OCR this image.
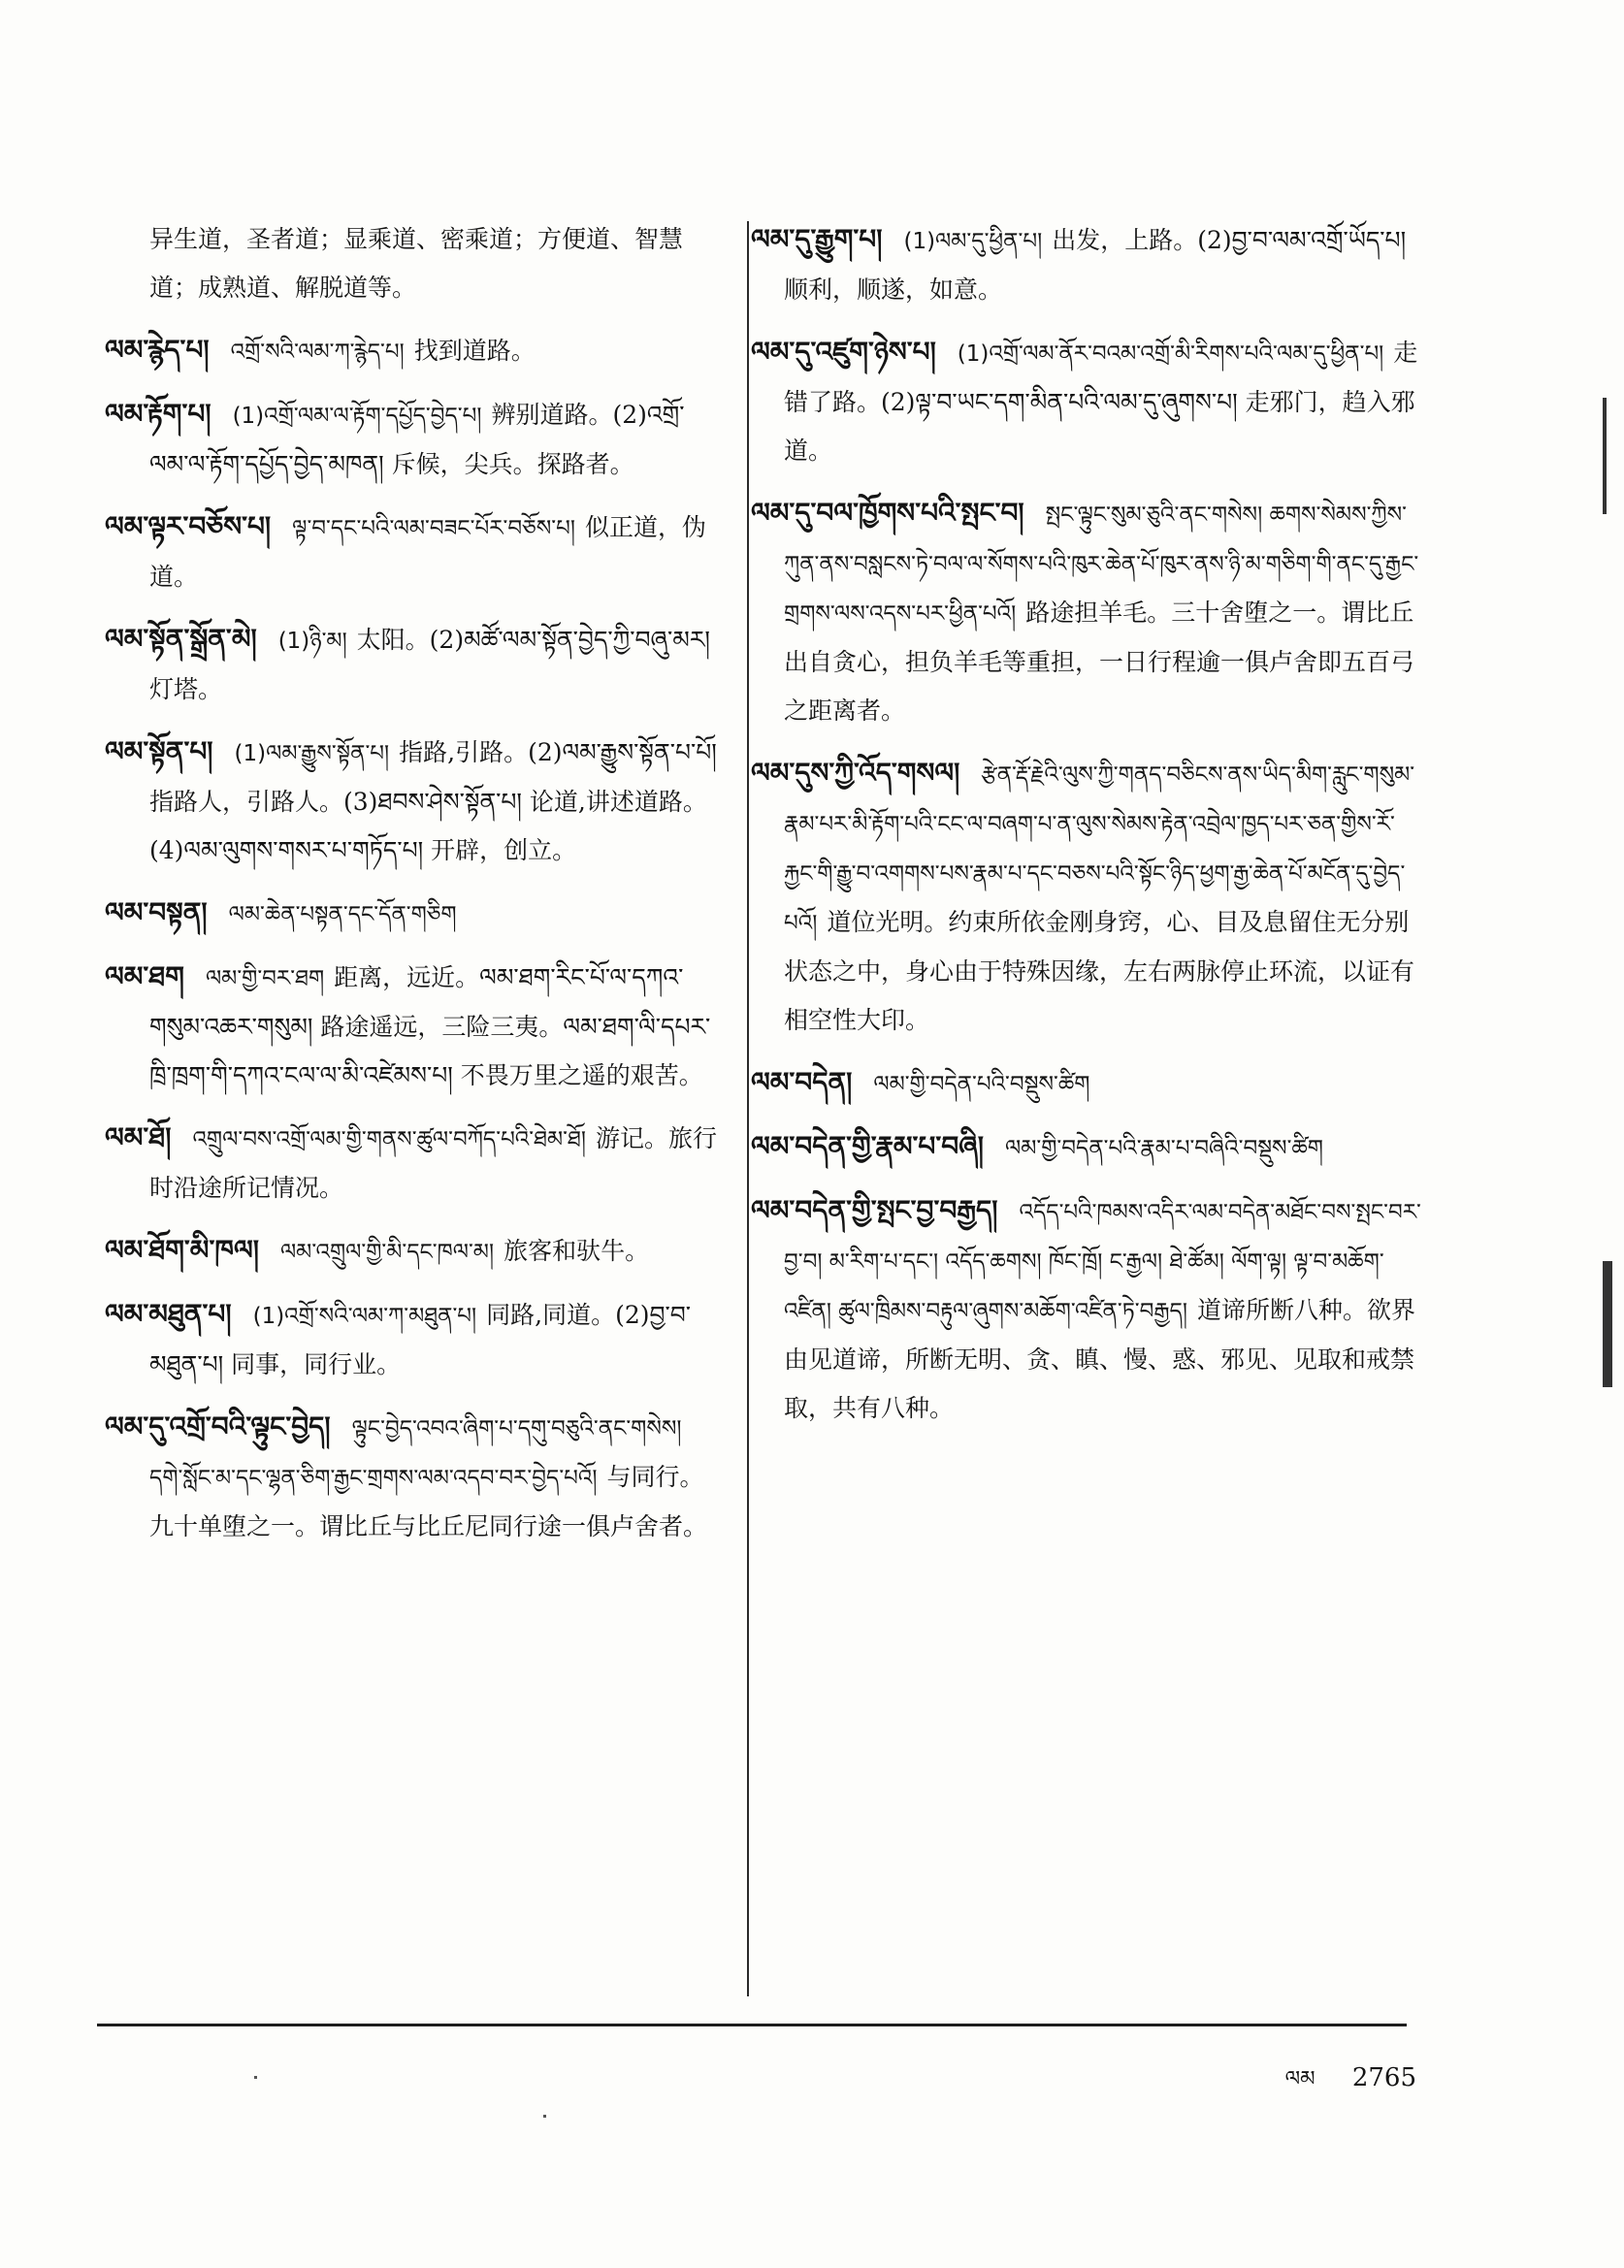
异生道，圣者道；显乘道、密乘道；方便道、智慧道；成熟道、解脱道等。

ལམ་རྙེད་པ། འགྲོ་སའི་ལམ་ཀ་རྙེད་པ། 找到道路。

ལམ་རྟོག་པ། (1)འགྲོ་ལམ་ལ་རྟོག་དཔྱོད་བྱེད་པ། 辨别道路。(2)འགྲོ་ལམ་ལ་རྟོག་དཔྱོད་བྱེད་མཁན། 斥候，尖兵。探路者。

ལམ་ལྟར་བཅོས་པ། ལྟ་བ་དང་པའི་ལམ་བཟང་པོར་བཅོས་པ། 似正道，伪道。

ལམ་སྟོན་སྒྲོན་མེ། (1)ཉི་མ། 太阳。(2)མཚོ་ལམ་སྟོན་བྱེད་ཀྱི་བཞུ་མར། 灯塔。

ལམ་སྟོན་པ། (1)ལམ་རྒྱུས་སྟོན་པ། 指路,引路。(2)ལམ་རྒྱུས་སྟོན་པ་པོ། 指路人，引路人。(3)ཐབས་ཤེས་སྟོན་པ། 论道,讲述道路。(4)ལམ་ལུགས་གསར་པ་གཏོད་པ། 开辟，创立。

ལམ་བསྟན། ལམ་ཆེན་པསྟན་དང་དོན་གཅིག

ལམ་ཐག ལམ་གྱི་བར་ཐག 距离，远近。ལམ་ཐག་རིང་པོ་ལ་དཀའ་གསུམ་འཆར་གསུམ། 路途遥远，三险三夷。ལམ་ཐག་ལི་དཔར་ཁྲི་ཁྲག་གི་དཀའ་ངལ་ལ་མི་འཛེམས་པ། 不畏万里之遥的艰苦。

ལམ་ཐོ། འགྲུལ་བས་འགྲོ་ལམ་གྱི་གནས་ཚུལ་བཀོད་པའི་ཐེམ་ཐོ། 游记。旅行时沿途所记情况。

ལམ་ཐོག་མི་ཁལ། ལམ་འགྲུལ་གྱི་མི་དང་ཁལ་མ། 旅客和驮牛。

ལམ་མཐུན་པ། (1)འགྲོ་སའི་ལམ་ཀ་མཐུན་པ། 同路,同道。(2)བྱ་བ་མཐུན་པ། 同事，同行业。

ལམ་དུ་འགྲོ་བའི་ལྟུང་བྱེད། ལྟུང་བྱེད་འབའ་ཞིག་པ་དགུ་བཅུའི་ནང་གསེས། དགེ་སློང་མ་དང་ལྷན་ཅིག་རྒྱང་གྲགས་ལམ་འདབ་བར་བྱེད་པའོ། 与同行。九十单堕之一。谓比丘与比丘尼同行途一俱卢舍者。

ལམ་དུ་རྒྱུག་པ། (1)ལམ་དུ་ཕྱིན་པ། 出发，上路。(2)བྱ་བ་ལམ་འགྲོ་ཡོད་པ། 顺利，顺遂，如意。

ལམ་དུ་འཛུག་ཉེས་པ། (1)འགྲོ་ལམ་ནོར་བའམ་འགྲོ་མི་རིགས་པའི་ལམ་དུ་ཕྱིན་པ། 走错了路。(2)ལྟ་བ་ཡང་དག་མིན་པའི་ལམ་དུ་ཞུགས་པ། 走邪门，趋入邪道。

ལམ་དུ་བལ་ཁྱོགས་པའི་སྤང་བ། སྤང་ལྟུང་སུམ་ཅུའི་ནང་གསེས། ཆགས་སེམས་ཀྱིས་ཀུན་ནས་བསླངས་ཏེ་བལ་ལ་སོགས་པའི་ཁུར་ཆེན་པོ་ཁུར་ནས་ཉི་མ་གཅིག་གི་ནང་དུ་རྒྱང་གྲགས་ལས་འདས་པར་ཕྱིན་པའོ། 路途担羊毛。三十舍堕之一。谓比丘出自贪心，担负羊毛等重担，一日行程逾一俱卢舍即五百弓之距离者。

ལམ་དུས་ཀྱི་འོད་གསལ། རྩེན་རྡོ་རྗེའི་ལུས་ཀྱི་གནད་བཅིངས་ནས་ཡིད་མིག་རླུང་གསུམ་རྣམ་པར་མི་རྟོག་པའི་ངང་ལ་བཞག་པ་ན་ལུས་སེམས་རྟེན་འབྲེལ་ཁྱད་པར་ཅན་གྱིས་རོ་རྐྱང་གི་རྒྱུ་བ་འགགས་པས་རྣམ་པ་དང་བཅས་པའི་སྟོང་ཉིད་ཕྱག་རྒྱ་ཆེན་པོ་མངོན་དུ་བྱེད་པའོ། 道位光明。约束所依金刚身窍，心、目及息留住无分别状态之中，身心由于特殊因缘，左右两脉停止环流，以证有相空性大印。

ལམ་བདེན། ལམ་གྱི་བདེན་པའི་བསྡུས་ཚིག

ལམ་བདེན་གྱི་རྣམ་པ་བཞི། ལམ་གྱི་བདེན་པའི་རྣམ་པ་བཞིའི་བསྡུས་ཚིག

ལམ་བདེན་གྱི་སྤང་བྱ་བརྒྱད། འདོད་པའི་ཁམས་འདིར་ལམ་བདེན་མཐོང་བས་སྤང་བར་བྱ་བ། མ་རིག་པ་དང་། འདོད་ཆགས། ཁོང་ཁྲོ། ང་རྒྱལ། ཐེ་ཚོམ། ལོག་ལྟ། ལྟ་བ་མཆོག་འཛིན། ཚུལ་ཁྲིམས་བརྟུལ་ཞུགས་མཆོག་འཛིན་ཏེ་བརྒྱད། 道谛所断八种。欲界由见道谛，所断无明、贪、瞋、慢、惑、邪见、见取和戒禁取，共有八种。

ལམ 2765
